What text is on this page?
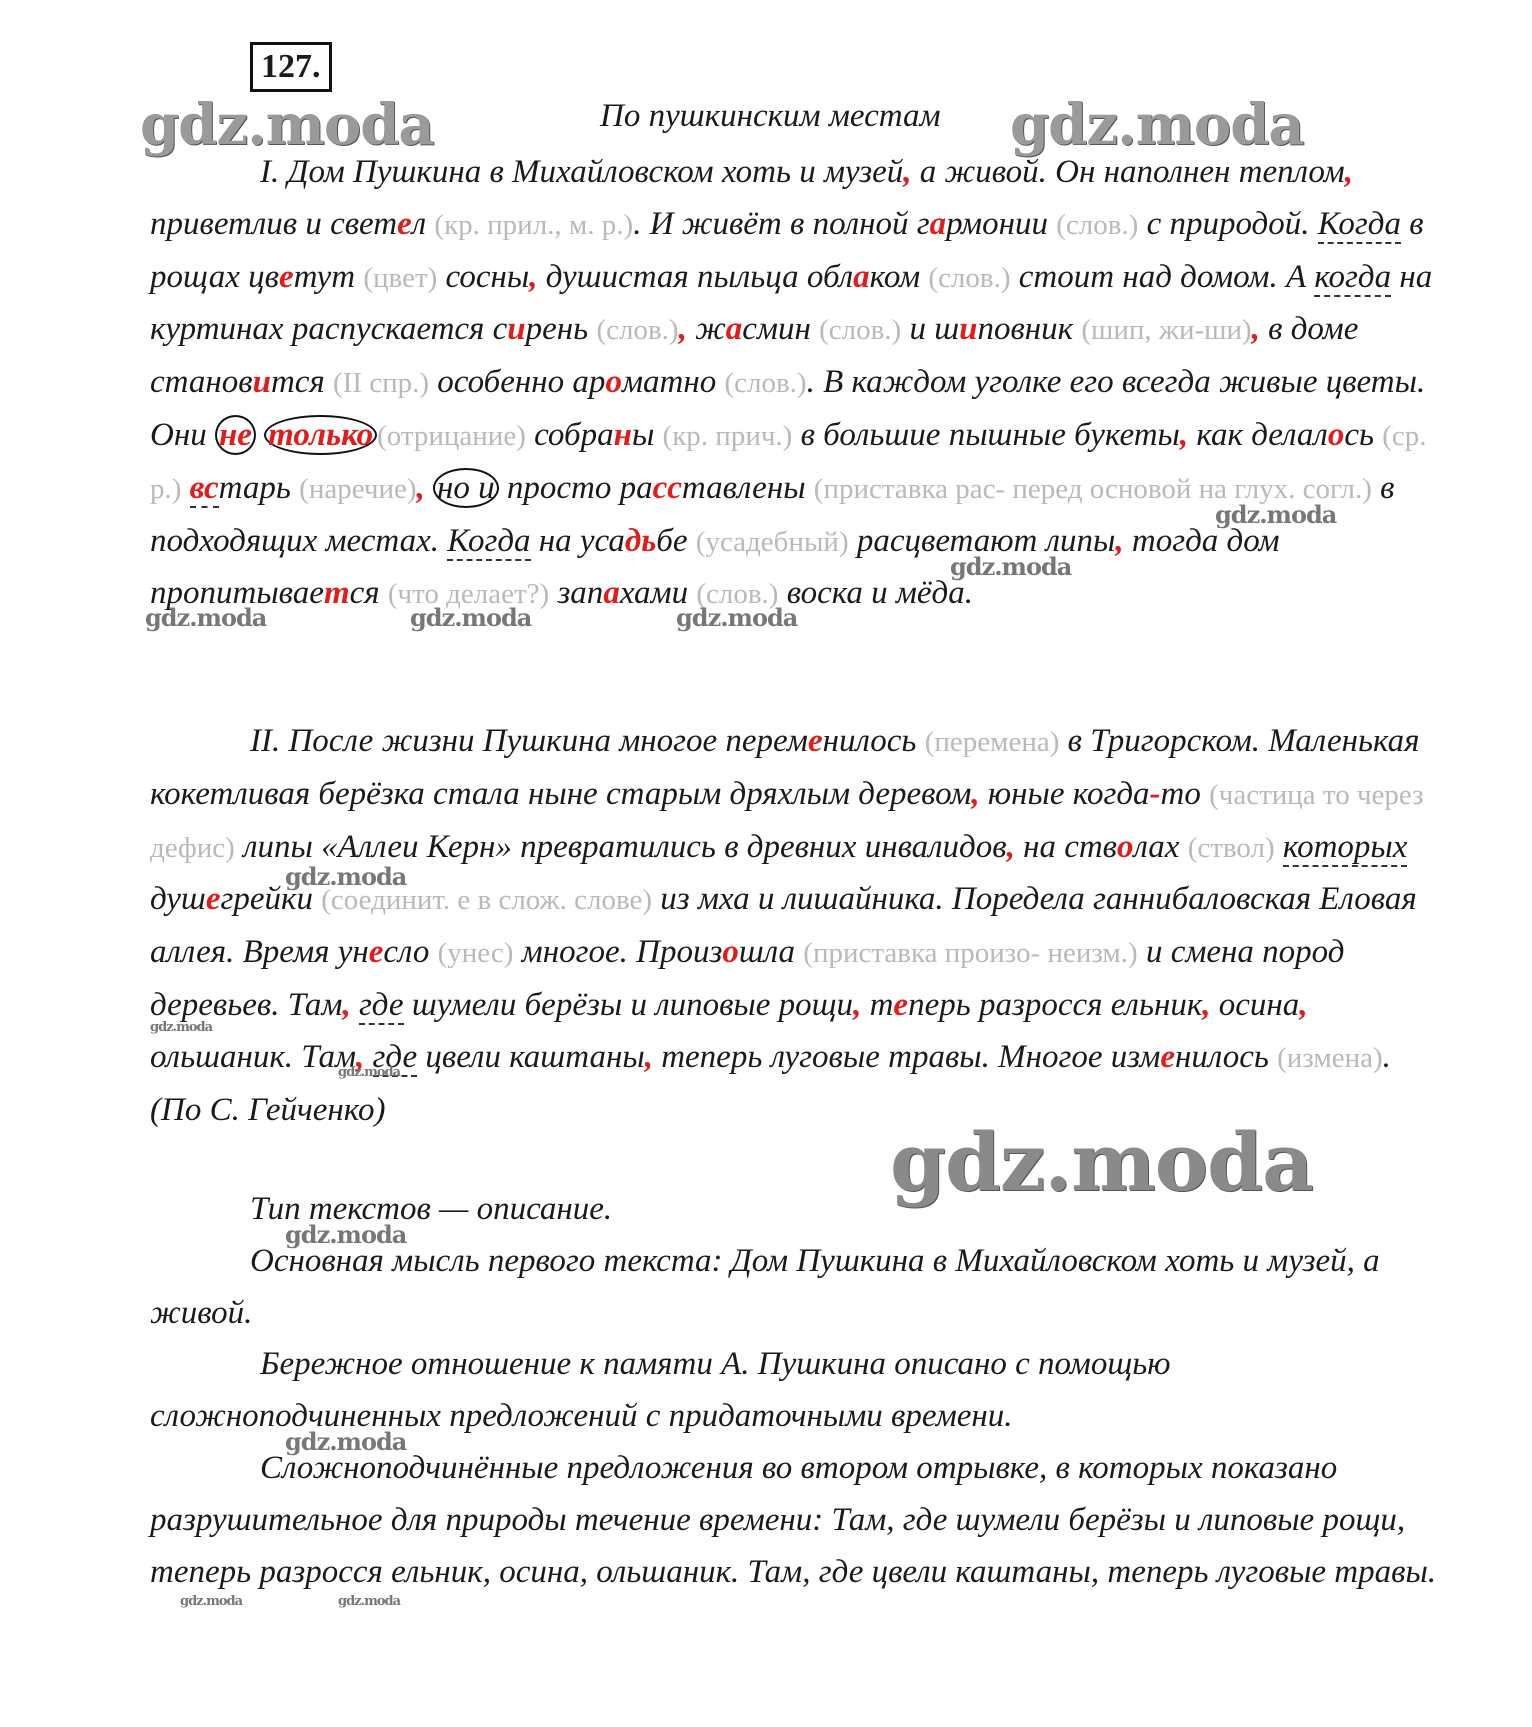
127.
gdz.moda	По пушкинским местам gdz.moda

I. Дом Пушкина в Михайловском хоть и музей, а живой. Он наполнен теплом, приветлив и светел (кр. прил., м. р.). И живёт в полной гармонии (слов.) с природой. Когда в рощах цветут (цвет) сосны, душистая пыльца облаком (слов.) стоит над домом. А когда на куртинах распускается сирень (слов.), жасмин (слов.) и шиповник (шип, жи-ши), в доме становится (II спр.) особенно ароматно (слов.). В каждом уголке его всегда живые цветы. Они не только (отрицание) собраны (кр. прич.) в большие пышные букеты, как делалось (ср. р.) встарь (наречие), но и просто расставлены (приставка рас- перед основой на глух. согл.) в подходящих местах. Когда на усадьбе (усадебный) расцветают липы, тогда дом пропитывается (что делает?) запахами (слов.) воска и мёда.

gdz.moda
gdz.moda
gdz.moda	gdz.moda	gdz.moda

II. После жизни Пушкина многое переменилось (перемена) в Тригорском. Маленькая кокетливая берёзка стала ныне старым дряхлым деревом, юные когда-то (частица то через дефис) липы «Аллеи Керн» превратились в древних инвалидов, на стволах (ствол) которых душегрейки (соединит. е в слож. слове) из мха и лишайника. Поредела ганнибаловская Еловая аллея. Время унесло (унес) многое. Произошла (приставка произо- неизм.) и смена пород деревьев. Там, где шумели берёзы и липовые рощи, теперь разросся ельник, осина, ольшаник. Там, где цвели каштаны, теперь луговые травы. Многое изменилось (измена).

(По С. Гейченко)

gdz.moda
gdz.moda
gdz.moda
gdz.moda
gdz.moda
gdz.moda
gdz.moda	gdz.moda

Тип текстов — описание.

Основная мысль первого текста: Дом Пушкина в Михайловском хоть и музей, а живой.

Бережное отношение к памяти А. Пушкина описано с помощью сложноподчиненных предложений с придаточными времени.

Сложноподчинённые предложения во втором отрывке, в которых показано разрушительное для природы течение времени: Там, где шумели берёзы и липовые рощи, теперь разросся ельник, осина, ольшаник. Там, где цвели каштаны, теперь луговые травы.
